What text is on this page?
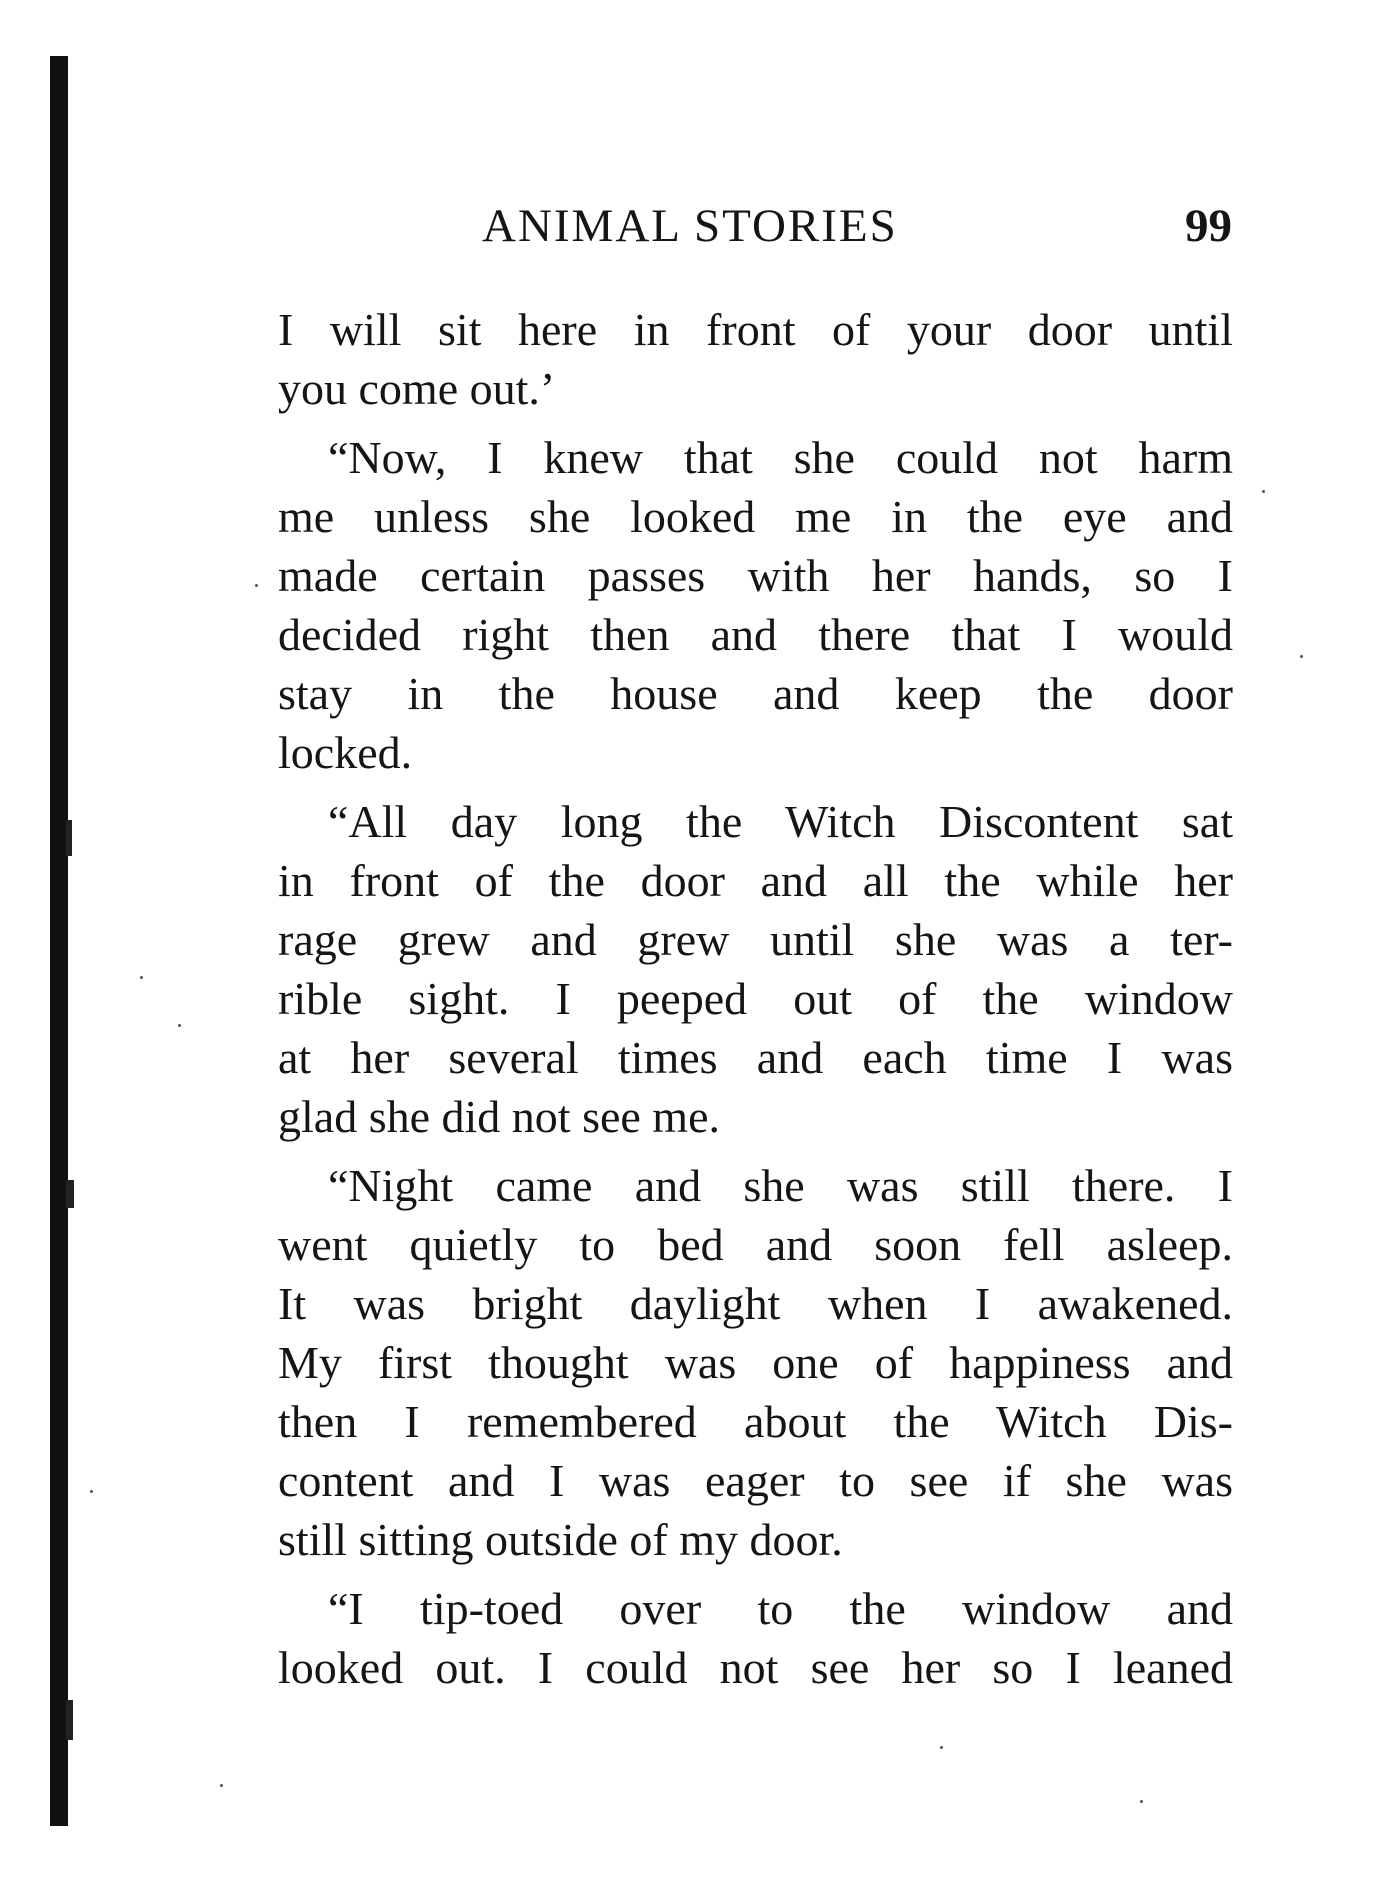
ANIMAL STORIES	99

I will sit here in front of your door until
you come out.’

“Now, I knew that she could not harm
me unless she looked me in the eye and
made certain passes with her hands, so I
decided right then and there that I would
stay in the house and keep the door
locked.

“All day long the Witch Discontent sat
in front of the door and all the while her
rage grew and grew until she was a ter-
rible sight. I peeped out of the window
at her several times and each time I was
glad she did not see me.

“Night came and she was still there. I
went quietly to bed and soon fell asleep.
It was bright daylight when I awakened.
My first thought was one of happiness and
then I remembered about the Witch Dis-
content and I was eager to see if she was
still sitting outside of my door.

“I tip-toed over to the window and
looked out. I could not see her so I leaned
